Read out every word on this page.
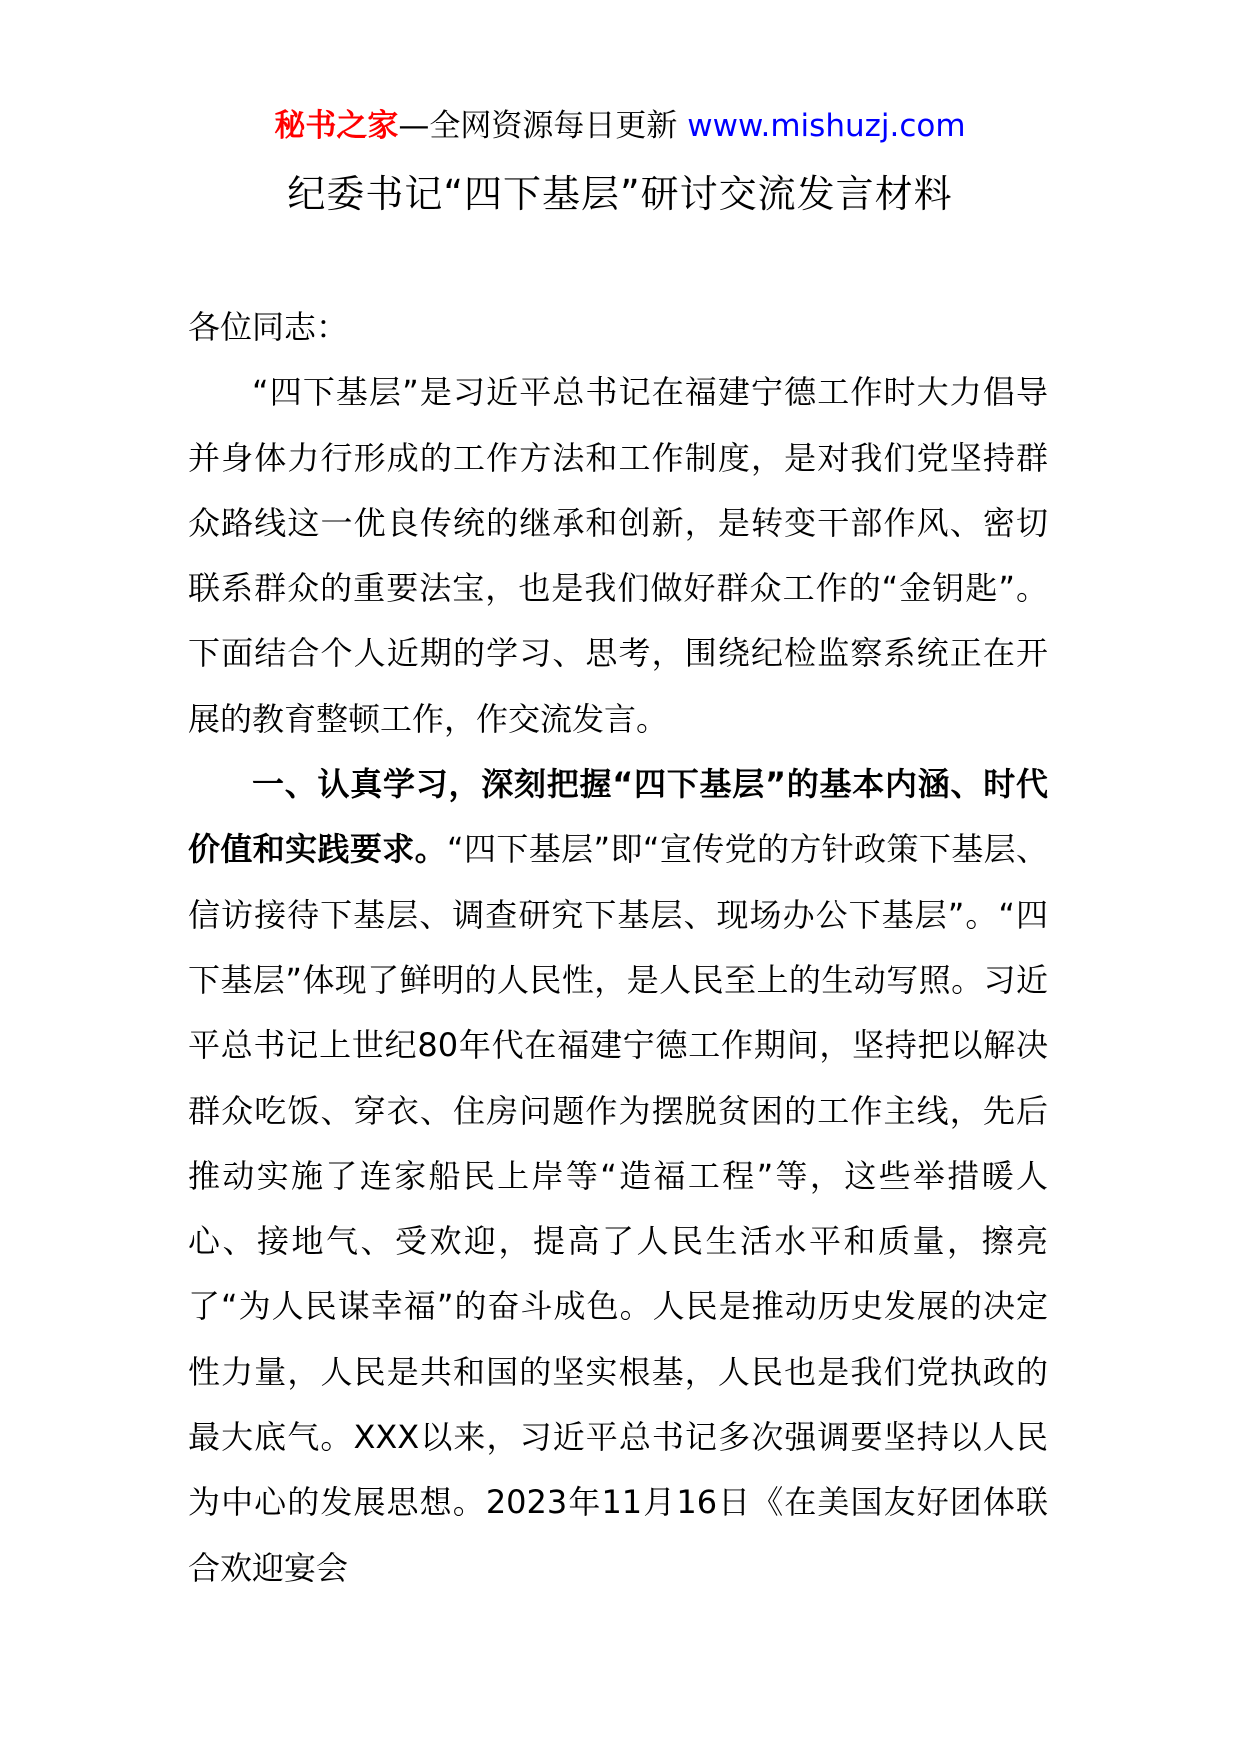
秘书之家—全网资源每日更新 www.mishuzj.com
纪委书记“四下基层”研讨交流发言材料

各位同志：

“四下基层”是习近平总书记在福建宁德工作时大力倡导并身体力行形成的工作方法和工作制度，是对我们党坚持群众路线这一优良传统的继承和创新，是转变干部作风、密切联系群众的重要法宝，也是我们做好群众工作的“金钥匙”。下面结合个人近期的学习、思考，围绕纪检监察系统正在开展的教育整顿工作，作交流发言。

一、认真学习，深刻把握“四下基层”的基本内涵、时代价值和实践要求。“四下基层”即“宣传党的方针政策下基层、信访接待下基层、调查研究下基层、现场办公下基层”。“四下基层”体现了鲜明的人民性，是人民至上的生动写照。习近平总书记上世纪80年代在福建宁德工作期间，坚持把以解决群众吃饭、穿衣、住房问题作为摆脱贫困的工作主线，先后推动实施了连家船民上岸等“造福工程”等，这些举措暖人心、接地气、受欢迎，提高了人民生活水平和质量，擦亮了“为人民谋幸福”的奋斗成色。人民是推动历史发展的决定性力量，人民是共和国的坚实根基，人民也是我们党执政的最大底气。XXX以来，习近平总书记多次强调要坚持以人民为中心的发展思想。2023年11月16日《在美国友好团体联合欢迎宴会
